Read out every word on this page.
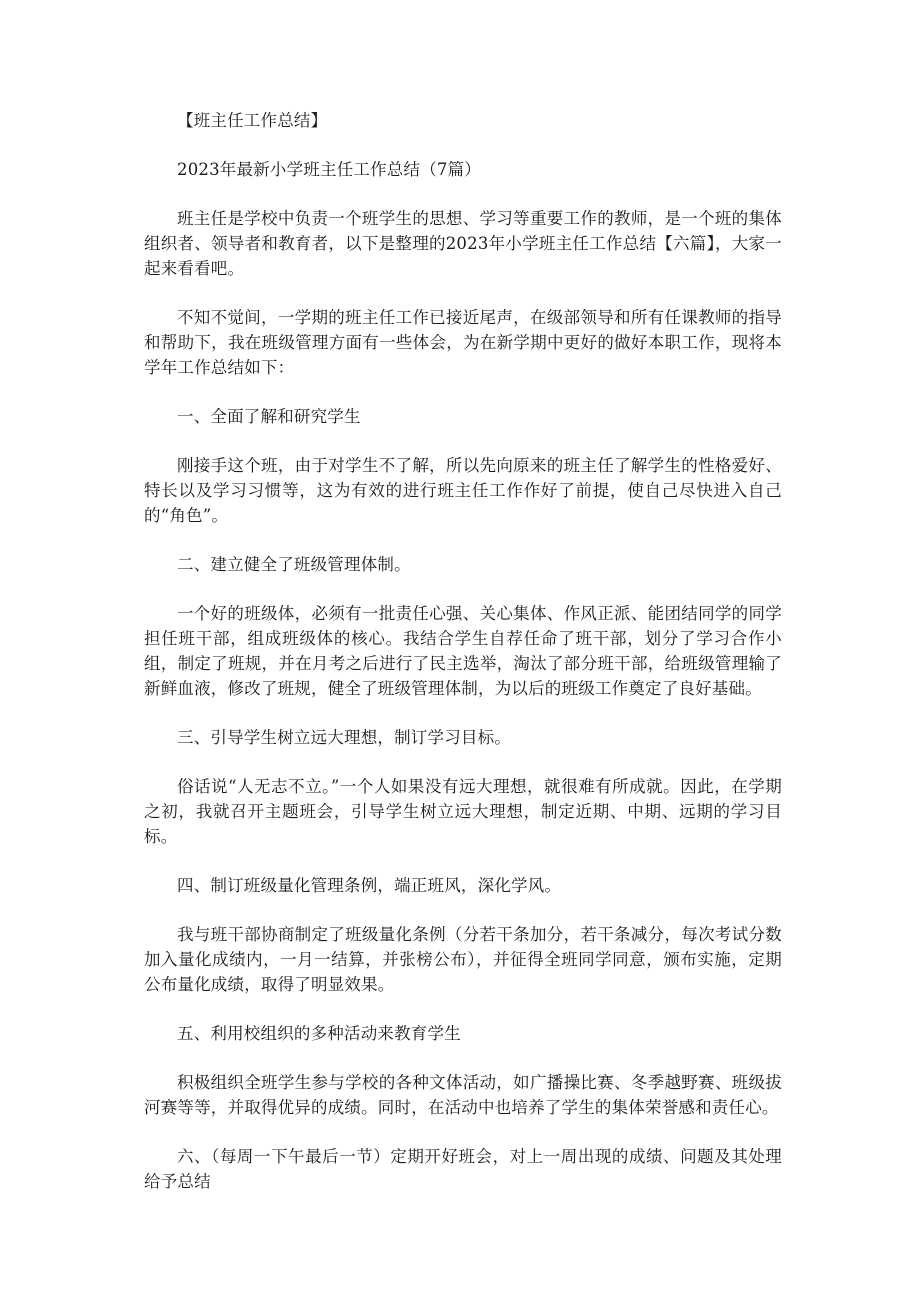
【班主任工作总结】

2023年最新小学班主任工作总结（7篇）

班主任是学校中负责一个班学生的思想、学习等重要工作的教师，是一个班的集体组织者、领导者和教育者，以下是整理的2023年小学班主任工作总结【六篇】，大家一起来看看吧。

不知不觉间，一学期的班主任工作已接近尾声，在级部领导和所有任课教师的指导和帮助下，我在班级管理方面有一些体会，为在新学期中更好的做好本职工作，现将本学年工作总结如下：

一、全面了解和研究学生

刚接手这个班，由于对学生不了解，所以先向原来的班主任了解学生的性格爱好、特长以及学习习惯等，这为有效的进行班主任工作作好了前提，使自己尽快进入自己的“角色”。

二、建立健全了班级管理体制。

一个好的班级体，必须有一批责任心强、关心集体、作风正派、能团结同学的同学担任班干部，组成班级体的核心。我结合学生自荐任命了班干部，划分了学习合作小组，制定了班规，并在月考之后进行了民主选举，淘汰了部分班干部，给班级管理输了新鲜血液，修改了班规，健全了班级管理体制，为以后的班级工作奠定了良好基础。

三、引导学生树立远大理想，制订学习目标。

俗话说“人无志不立。”一个人如果没有远大理想，就很难有所成就。因此，在学期之初，我就召开主题班会，引导学生树立远大理想，制定近期、中期、远期的学习目标。

四、制订班级量化管理条例，端正班风，深化学风。

我与班干部协商制定了班级量化条例（分若干条加分，若干条减分，每次考试分数加入量化成绩内，一月一结算，并张榜公布），并征得全班同学同意，颁布实施，定期公布量化成绩，取得了明显效果。

五、利用校组织的多种活动来教育学生

积极组织全班学生参与学校的各种文体活动，如广播操比赛、冬季越野赛、班级拔河赛等等，并取得优异的成绩。同时，在活动中也培养了学生的集体荣誉感和责任心。

六、（每周一下午最后一节）定期开好班会，对上一周出现的成绩、问题及其处理给予总结
